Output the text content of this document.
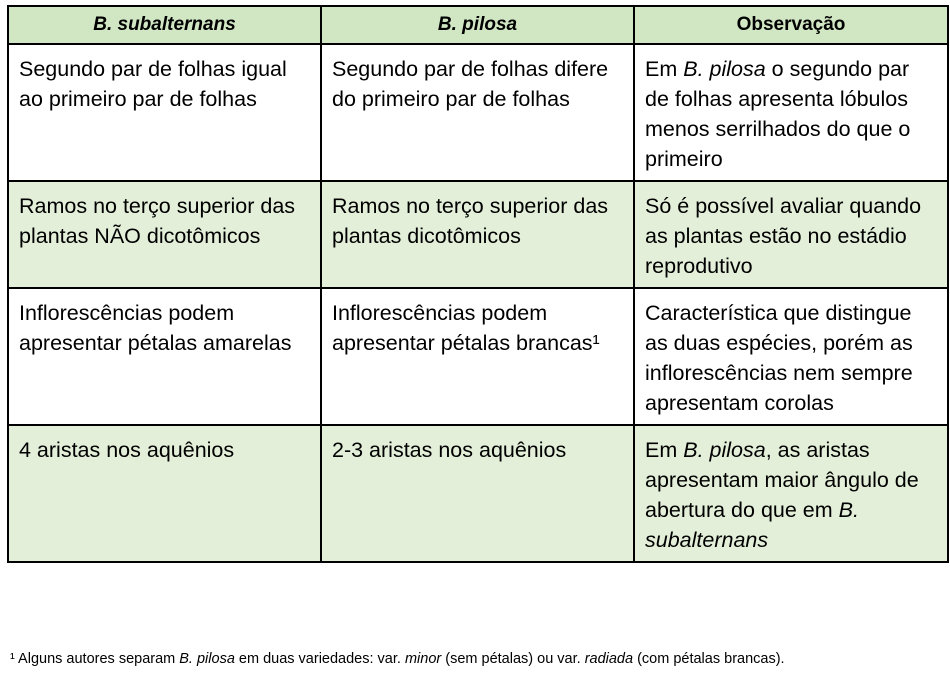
B. subalternans	B. pilosa	Observação
Segundo par de folhas igual ao primeiro par de folhas	Segundo par de folhas difere do primeiro par de folhas	Em B. pilosa o segundo par de folhas apresenta lóbulos menos serrilhados do que o primeiro
Ramos no terço superior das plantas NÃO dicotômicos	Ramos no terço superior das plantas dicotômicos	Só é possível avaliar quando as plantas estão no estádio reprodutivo
Inflorescências podem apresentar pétalas amarelas	Inflorescências podem apresentar pétalas brancas¹	Característica que distingue as duas espécies, porém as inflorescências nem sempre apresentam corolas
4 aristas nos aquênios	2-3 aristas nos aquênios	Em B. pilosa, as aristas apresentam maior ângulo de abertura do que em B. subalternans
¹ Alguns autores separam B. pilosa em duas variedades: var. minor (sem pétalas) ou var. radiada (com pétalas brancas).
